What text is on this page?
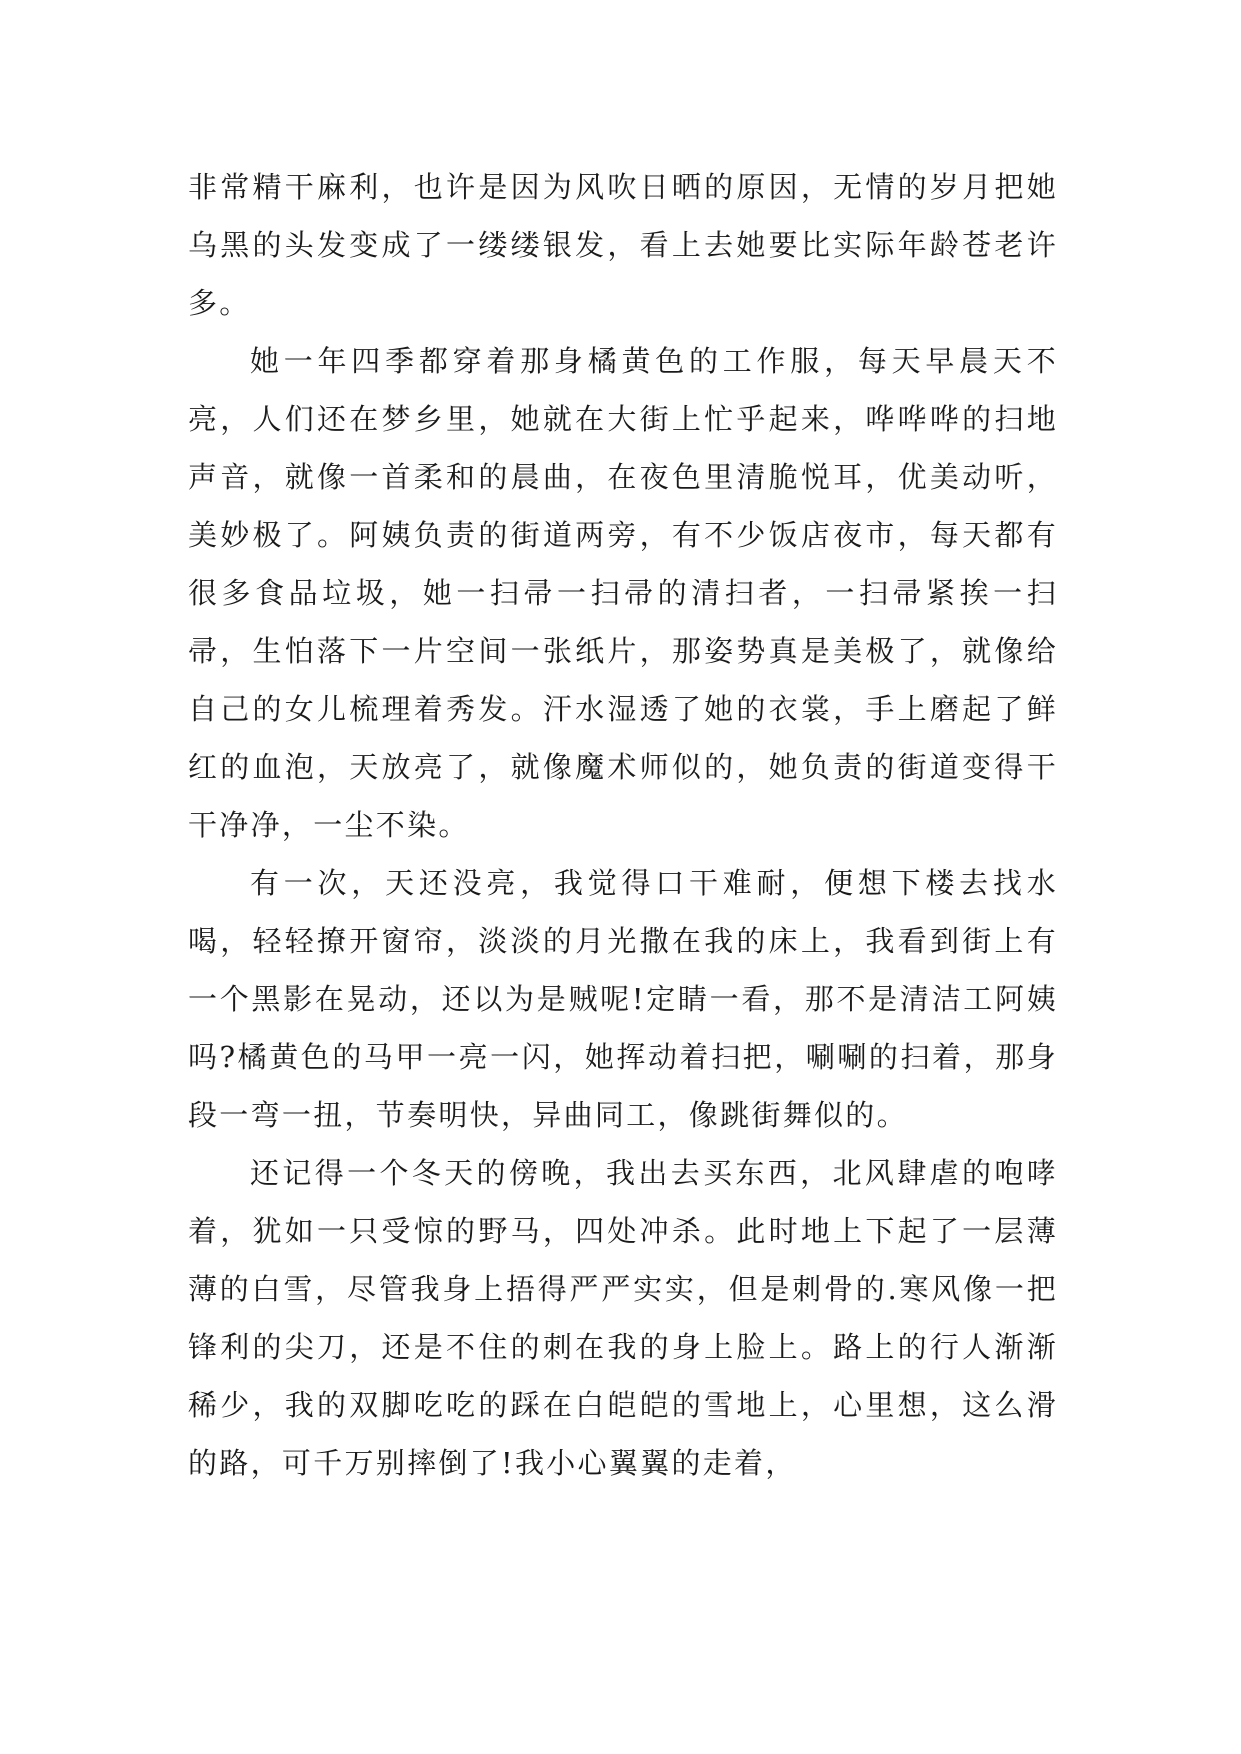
非常精干麻利，也许是因为风吹日晒的原因，无情的岁月把她乌黑的头发变成了一缕缕银发，看上去她要比实际年龄苍老许多。

她一年四季都穿着那身橘黄色的工作服，每天早晨天不亮，人们还在梦乡里，她就在大街上忙乎起来，哗哗哗的扫地声音，就像一首柔和的晨曲，在夜色里清脆悦耳，优美动听，美妙极了。阿姨负责的街道两旁，有不少饭店夜市，每天都有很多食品垃圾，她一扫帚一扫帚的清扫者，一扫帚紧挨一扫帚，生怕落下一片空间一张纸片，那姿势真是美极了，就像给自己的女儿梳理着秀发。汗水湿透了她的衣裳，手上磨起了鲜红的血泡，天放亮了，就像魔术师似的，她负责的街道变得干干净净，一尘不染。

有一次，天还没亮，我觉得口干难耐，便想下楼去找水喝，轻轻撩开窗帘，淡淡的月光撒在我的床上，我看到街上有一个黑影在晃动，还以为是贼呢!定睛一看，那不是清洁工阿姨吗?橘黄色的马甲一亮一闪，她挥动着扫把，唰唰的扫着，那身段一弯一扭，节奏明快，异曲同工，像跳街舞似的。

还记得一个冬天的傍晚，我出去买东西，北风肆虐的咆哮着，犹如一只受惊的野马，四处冲杀。此时地上下起了一层薄薄的白雪，尽管我身上捂得严严实实，但是刺骨的.寒风像一把锋利的尖刀，还是不住的刺在我的身上脸上。路上的行人渐渐稀少，我的双脚吃吃的踩在白皑皑的雪地上，心里想，这么滑的路，可千万别摔倒了!我小心翼翼的走着，
